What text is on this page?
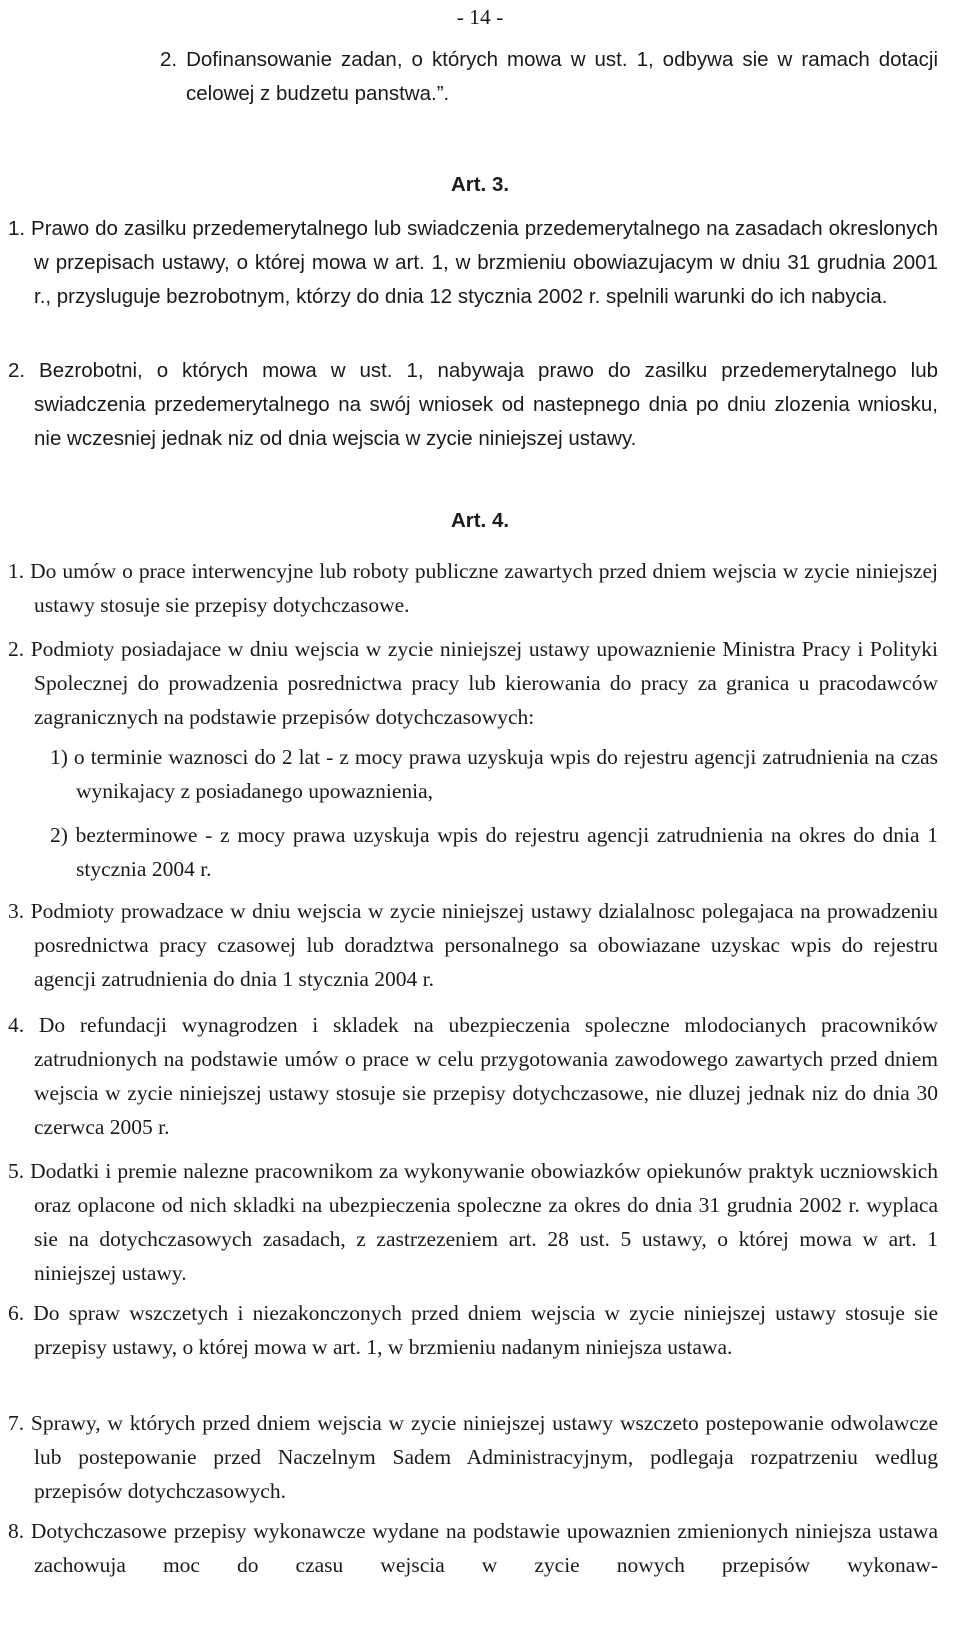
- 14 -
2. Dofinansowanie zadan, o których mowa w ust. 1, odbywa sie w ramach dotacji celowej z budzetu panstwa.”.
Art. 3.
1. Prawo do zasilku przedemerytalnego lub swiadczenia przedemerytalnego na zasadach okreslonych w przepisach ustawy, o której mowa w art. 1, w brzmieniu obowiazujacym w dniu 31 grudnia 2001 r., przysluguje bezrobotnym, którzy do dnia 12 stycznia 2002 r. spelnili warunki do ich nabycia.
2. Bezrobotni, o których mowa w ust. 1, nabywaja prawo do zasilku przedemerytalnego lub swiadczenia przedemerytalnego na swój wniosek od nastepnego dnia po dniu zlozenia wniosku, nie wczesniej jednak niz od dnia wejscia w zycie niniejszej ustawy.
Art. 4.
1. Do umów o prace interwencyjne lub roboty publiczne zawartych przed dniem wejscia w zycie niniejszej ustawy stosuje sie przepisy dotychczasowe.
2. Podmioty posiadajace w dniu wejscia w zycie niniejszej ustawy upowaznienie Ministra Pracy i Polityki Spolecznej do prowadzenia posrednictwa pracy lub kierowania do pracy za granica u pracodawców zagranicznych na podstawie przepisów dotychczasowych:
1) o terminie waznosci do 2 lat - z mocy prawa uzyskuja wpis do rejestru agencji zatrudnienia na czas wynikajacy z posiadanego upowaznienia,
2) bezterminowe - z mocy prawa uzyskuja wpis do rejestru agencji zatrudnienia na okres do dnia 1 stycznia 2004 r.
3. Podmioty prowadzace w dniu wejscia w zycie niniejszej ustawy dzialalnosc polegajaca na prowadzeniu posrednictwa pracy czasowej lub doradztwa personalnego sa obowiazane uzyskac wpis do rejestru agencji zatrudnienia do dnia 1 stycznia 2004 r.
4. Do refundacji wynagrodzen i skladek na ubezpieczenia spoleczne mlodocianych pracowników zatrudnionych na podstawie umów o prace w celu przygotowania zawodowego zawartych przed dniem wejscia w zycie niniejszej ustawy stosuje sie przepisy dotychczasowe, nie dluzej jednak niz do dnia 30 czerwca 2005 r.
5. Dodatki i premie nalezne pracownikom za wykonywanie obowiazków opiekunów praktyk uczniowskich oraz oplacone od nich skladki na ubezpieczenia spoleczne za okres do dnia 31 grudnia 2002 r. wyplaca sie na dotychczasowych zasadach, z zastrzezeniem art. 28 ust. 5 ustawy, o której mowa w art. 1 niniejszej ustawy.
6. Do spraw wszczetych i niezakonczonych przed dniem wejscia w zycie niniejszej ustawy stosuje sie przepisy ustawy, o której mowa w art. 1, w brzmieniu nadanym niniejsza ustawa.
7. Sprawy, w których przed dniem wejscia w zycie niniejszej ustawy wszczeto postepowanie odwolawcze lub postepowanie przed Naczelnym Sadem Administracyjnym, podlegaja rozpatrzeniu wedlug przepisów dotychczasowych.
8. Dotychczasowe przepisy wykonawcze wydane na podstawie upowaznien zmienionych niniejsza ustawa zachowuja moc do czasu wejscia w zycie nowych przepisów wykonaw-
